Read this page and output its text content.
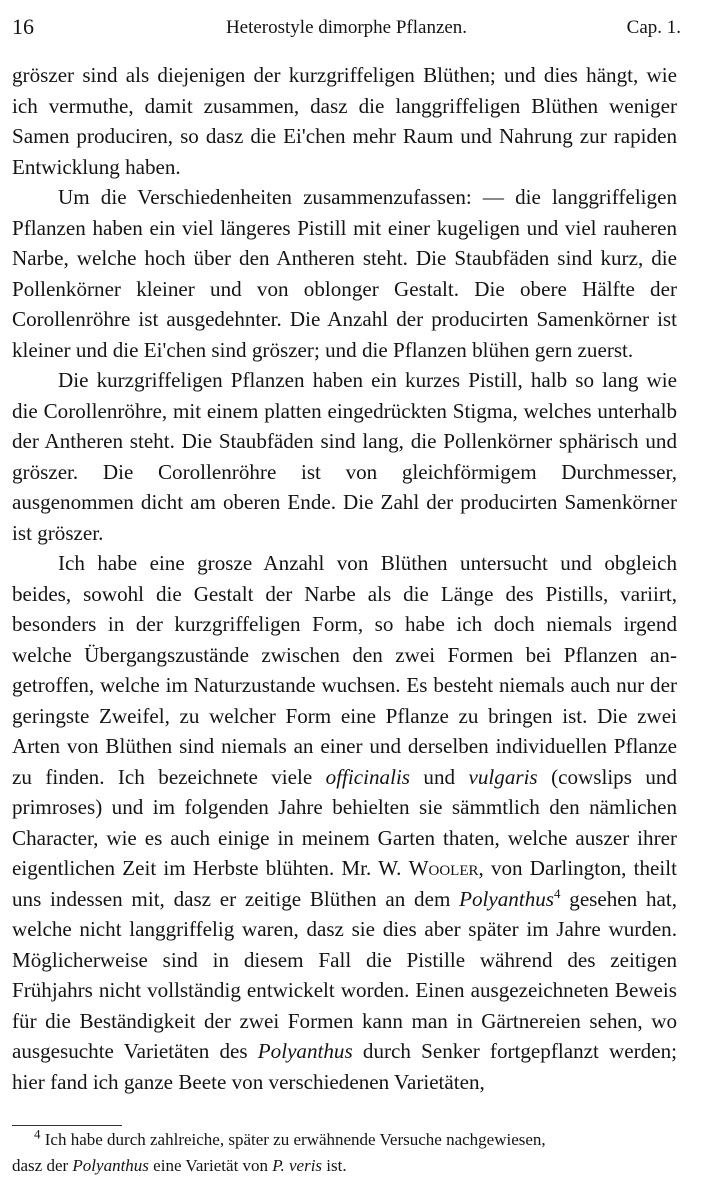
16	Heterostyle dimorphe Pflanzen.	Cap. 1.

gröszer sind als diejenigen der kurzgriffeligen Blüthen; und dies hängt, wie ich vermuthe, damit zusammen, dasz die langgriffeligen Blüthen weniger Samen produciren, so dasz die Ei'chen mehr Raum und Nahrung zur rapiden Entwicklung haben.

Um die Verschiedenheiten zusammenzufassen: — die langgriffeligen Pflanzen haben ein viel längeres Pistill mit einer kugeligen und viel rauheren Narbe, welche hoch über den Antheren steht. Die Staubfäden sind kurz, die Pollenkörner kleiner und von oblonger Gestalt. Die obere Hälfte der Corollenröhre ist ausgedehnter. Die Anzahl der producirten Samenkörner ist kleiner und die Ei'chen sind gröszer; und die Pflanzen blühen gern zuerst.

Die kurzgriffeligen Pflanzen haben ein kurzes Pistill, halb so lang wie die Corollenröhre, mit einem platten eingedrückten Stigma, welches unterhalb der Antheren steht. Die Staubfäden sind lang, die Pollenkörner sphärisch und gröszer. Die Corollenröhre ist von gleichförmigem Durchmesser, ausgenommen dicht am oberen Ende. Die Zahl der producirten Samenkörner ist gröszer.

Ich habe eine grosze Anzahl von Blüthen untersucht und obgleich beides, sowohl die Gestalt der Narbe als die Länge des Pistills, variirt, besonders in der kurzgriffeligen Form, so habe ich doch niemals irgend welche Übergangszustände zwischen den zwei Formen bei Pflanzen angetroffen, welche im Naturzustande wuchsen. Es besteht niemals auch nur der geringste Zweifel, zu welcher Form eine Pflanze zu bringen ist. Die zwei Arten von Blüthen sind niemals an einer und derselben individuellen Pflanze zu finden. Ich bezeichnete viele officinalis und vulgaris (cowslips und primroses) und im folgenden Jahre behielten sie sämmtlich den nämlichen Character, wie es auch einige in meinem Garten thaten, welche auszer ihrer eigentlichen Zeit im Herbste blühten. Mr. W. Wooler, von Darlington, theilt uns indessen mit, dasz er zeitige Blüthen an dem Polyanthus$^4$ gesehen hat, welche nicht langgriffelig waren, dasz sie dies aber später im Jahre wurden. Möglicherweise sind in diesem Fall die Pistille während des zeitigen Frühjahrs nicht vollständig entwickelt worden. Einen ausgezeichneten Beweis für die Beständigkeit der zwei Formen kann man in Gärtnereien sehen, wo ausgesuchte Varietäten des Polyanthus durch Senker fortgepflanzt werden; hier fand ich ganze Beete von verschiedenen Varietäten,

$^4$ Ich habe durch zahlreiche, später zu erwähnende Versuche nachgewiesen,
dasz der Polyanthus eine Varietät von P. veris ist.
